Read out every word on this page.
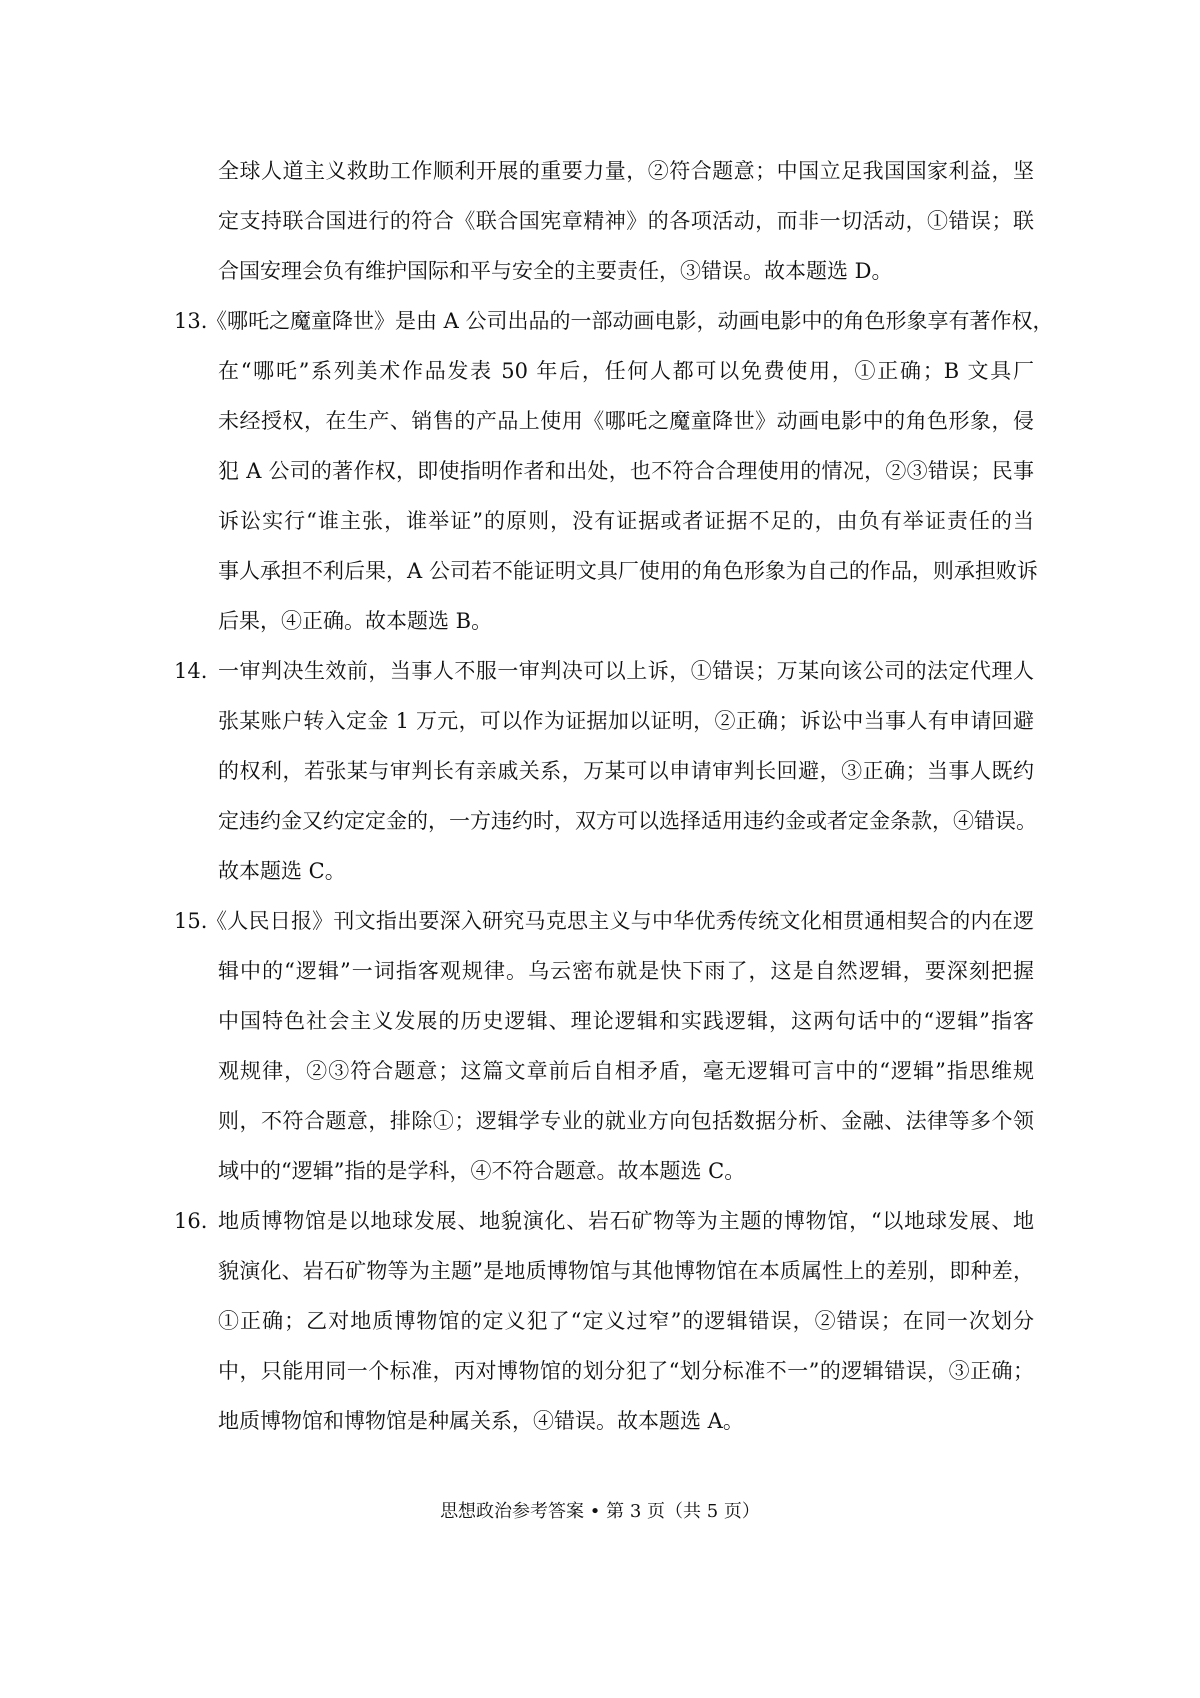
全球人道主义救助工作顺利开展的重要力量，②符合题意；中国立足我国国家利益，坚
定支持联合国进行的符合《联合国宪章精神》的各项活动，而非一切活动，①错误；联
合国安理会负有维护国际和平与安全的主要责任，③错误。故本题选 D。
13.
《哪吒之魔童降世》是由 A 公司出品的一部动画电影，动画电影中的角色形象享有著作权，
在“哪吒”系列美术作品发表 50 年后，任何人都可以免费使用，①正确；B 文具厂
未经授权，在生产、销售的产品上使用《哪吒之魔童降世》动画电影中的角色形象，侵
犯 A 公司的著作权，即使指明作者和出处，也不符合合理使用的情况，②③错误；民事
诉讼实行“谁主张，谁举证”的原则，没有证据或者证据不足的，由负有举证责任的当
事人承担不利后果，A 公司若不能证明文具厂使用的角色形象为自己的作品，则承担败诉
后果，④正确。故本题选 B。
14. 一审判决生效前，当事人不服一审判决可以上诉，①错误；万某向该公司的法定代理人
张某账户转入定金 1 万元，可以作为证据加以证明，②正确；诉讼中当事人有申请回避
的权利，若张某与审判长有亲戚关系，万某可以申请审判长回避，③正确；当事人既约
定违约金又约定定金的，一方违约时，双方可以选择适用违约金或者定金条款，④错误。
故本题选 C。
15.
《人民日报》刊文指出要深入研究马克思主义与中华优秀传统文化相贯通相契合的内在逻
辑中的“逻辑”一词指客观规律。乌云密布就是快下雨了，这是自然逻辑，要深刻把握
中国特色社会主义发展的历史逻辑、理论逻辑和实践逻辑，这两句话中的“逻辑”指客
观规律，②③符合题意；这篇文章前后自相矛盾，毫无逻辑可言中的“逻辑”指思维规
则，不符合题意，排除①；逻辑学专业的就业方向包括数据分析、金融、法律等多个领
域中的“逻辑”指的是学科，④不符合题意。故本题选 C。
16. 地质博物馆是以地球发展、地貌演化、岩石矿物等为主题的博物馆，“以地球发展、地
貌演化、岩石矿物等为主题”是地质博物馆与其他博物馆在本质属性上的差别，即种差，
①正确；乙对地质博物馆的定义犯了“定义过窄”的逻辑错误，②错误；在同一次划分
中，只能用同一个标准，丙对博物馆的划分犯了“划分标准不一”的逻辑错误，③正确；
地质博物馆和博物馆是种属关系，④错误。故本题选 A。
思想政治参考答案 • 第 3 页（共 5 页）
